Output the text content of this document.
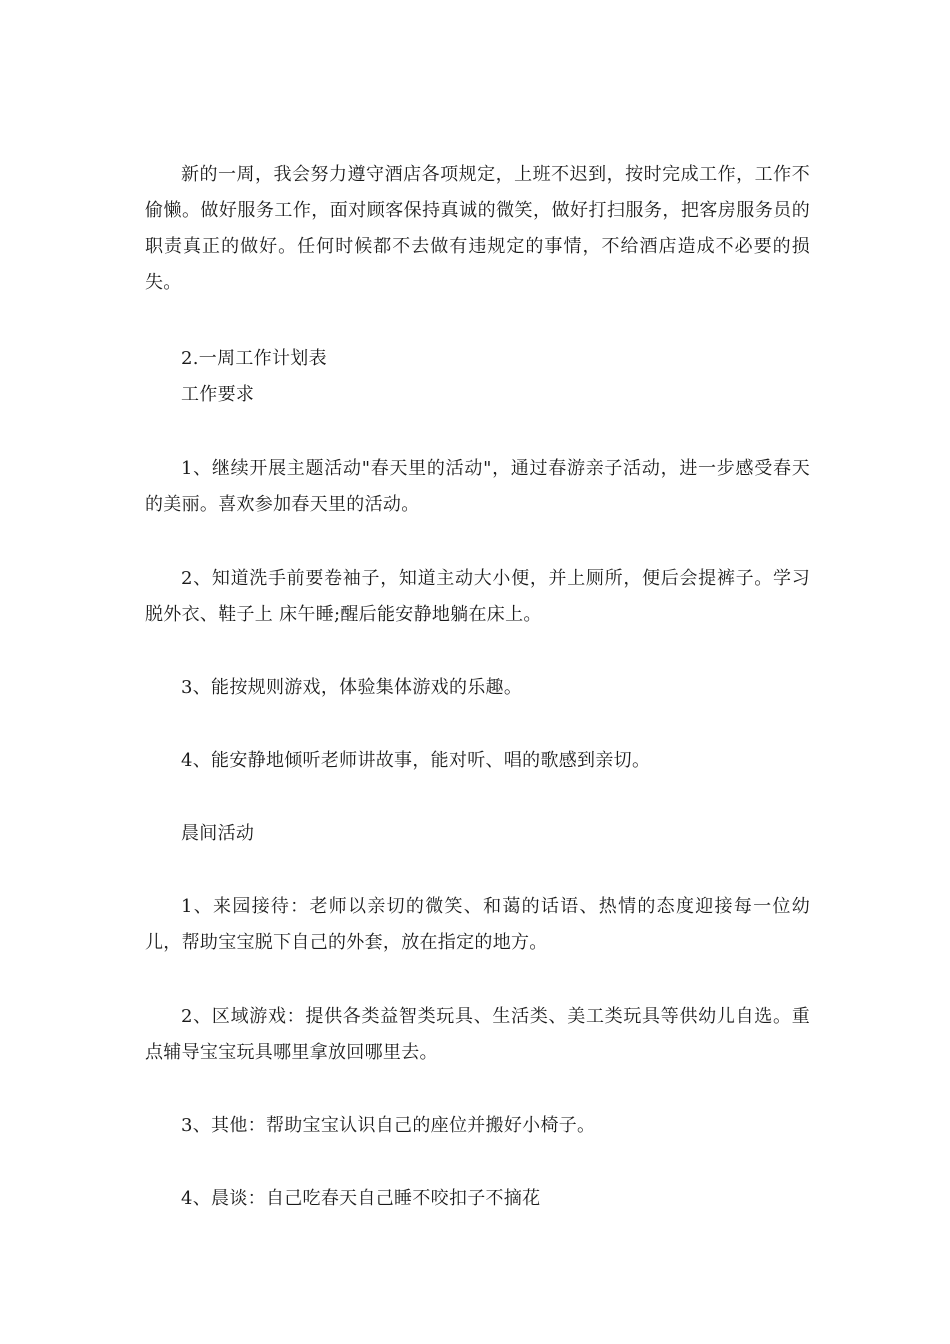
新的一周，我会努力遵守酒店各项规定，上班不迟到，按时完成工作，工作不偷懒。做好服务工作，面对顾客保持真诚的微笑，做好打扫服务，把客房服务员的职责真正的做好。任何时候都不去做有违规定的事情，不给酒店造成不必要的损失。

2.一周工作计划表

工作要求

1、继续开展主题活动"春天里的活动"，通过春游亲子活动，进一步感受春天的美丽。喜欢参加春天里的活动。

2、知道洗手前要卷袖子，知道主动大小便，并上厕所，便后会提裤子。学习脱外衣、鞋子上 床午睡;醒后能安静地躺在床上。

3、能按规则游戏，体验集体游戏的乐趣。

4、能安静地倾听老师讲故事，能对听、唱的歌感到亲切。

晨间活动

1、来园接待：老师以亲切的微笑、和蔼的话语、热情的态度迎接每一位幼儿，帮助宝宝脱下自己的外套，放在指定的地方。

2、区域游戏：提供各类益智类玩具、生活类、美工类玩具等供幼儿自选。重点辅导宝宝玩具哪里拿放回哪里去。

3、其他：帮助宝宝认识自己的座位并搬好小椅子。

4、晨谈：自己吃春天自己睡不咬扣子不摘花
